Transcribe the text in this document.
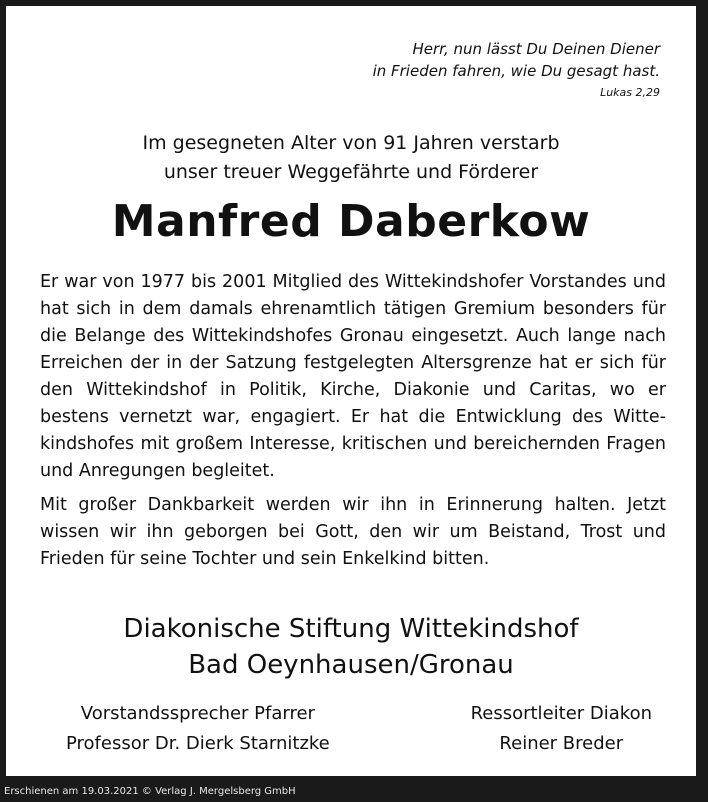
Herr, nun lässt Du Deinen Diener
in Frieden fahren, wie Du gesagt hast.
Lukas 2,29
Im gesegneten Alter von 91 Jahren verstarb
unser treuer Weggefährte und Förderer
Manfred Daberkow

Er war von 1977 bis 2001 Mitglied des Wittekindshofer Vorstandes und hat sich in dem damals ehrenamtlich tätigen Gremium besonders für die Belange des Wittekindshofes Gronau eingesetzt. Auch lange nach Erreichen der in der Satzung festgelegten Altersgrenze hat er sich für den Wittekindshof in Politik, Kirche, Diakonie und Caritas, wo er bestens vernetzt war, engagiert. Er hat die Entwicklung des Wittekindshofes mit großem Interesse, kritischen und bereichernden Fragen und Anregungen begleitet.

Mit großer Dankbarkeit werden wir ihn in Erinnerung halten. Jetzt wissen wir ihn geborgen bei Gott, den wir um Beistand, Trost und Frieden für seine Tochter und sein Enkelkind bitten.

Diakonische Stiftung Wittekindshof
Bad Oeynhausen/Gronau
Vorstandssprecher Pfarrer
Professor Dr. Dierk Starnitzke
Ressortleiter Diakon
Reiner Breder
Erschienen am 19.03.2021 © Verlag J. Mergelsberg GmbH
